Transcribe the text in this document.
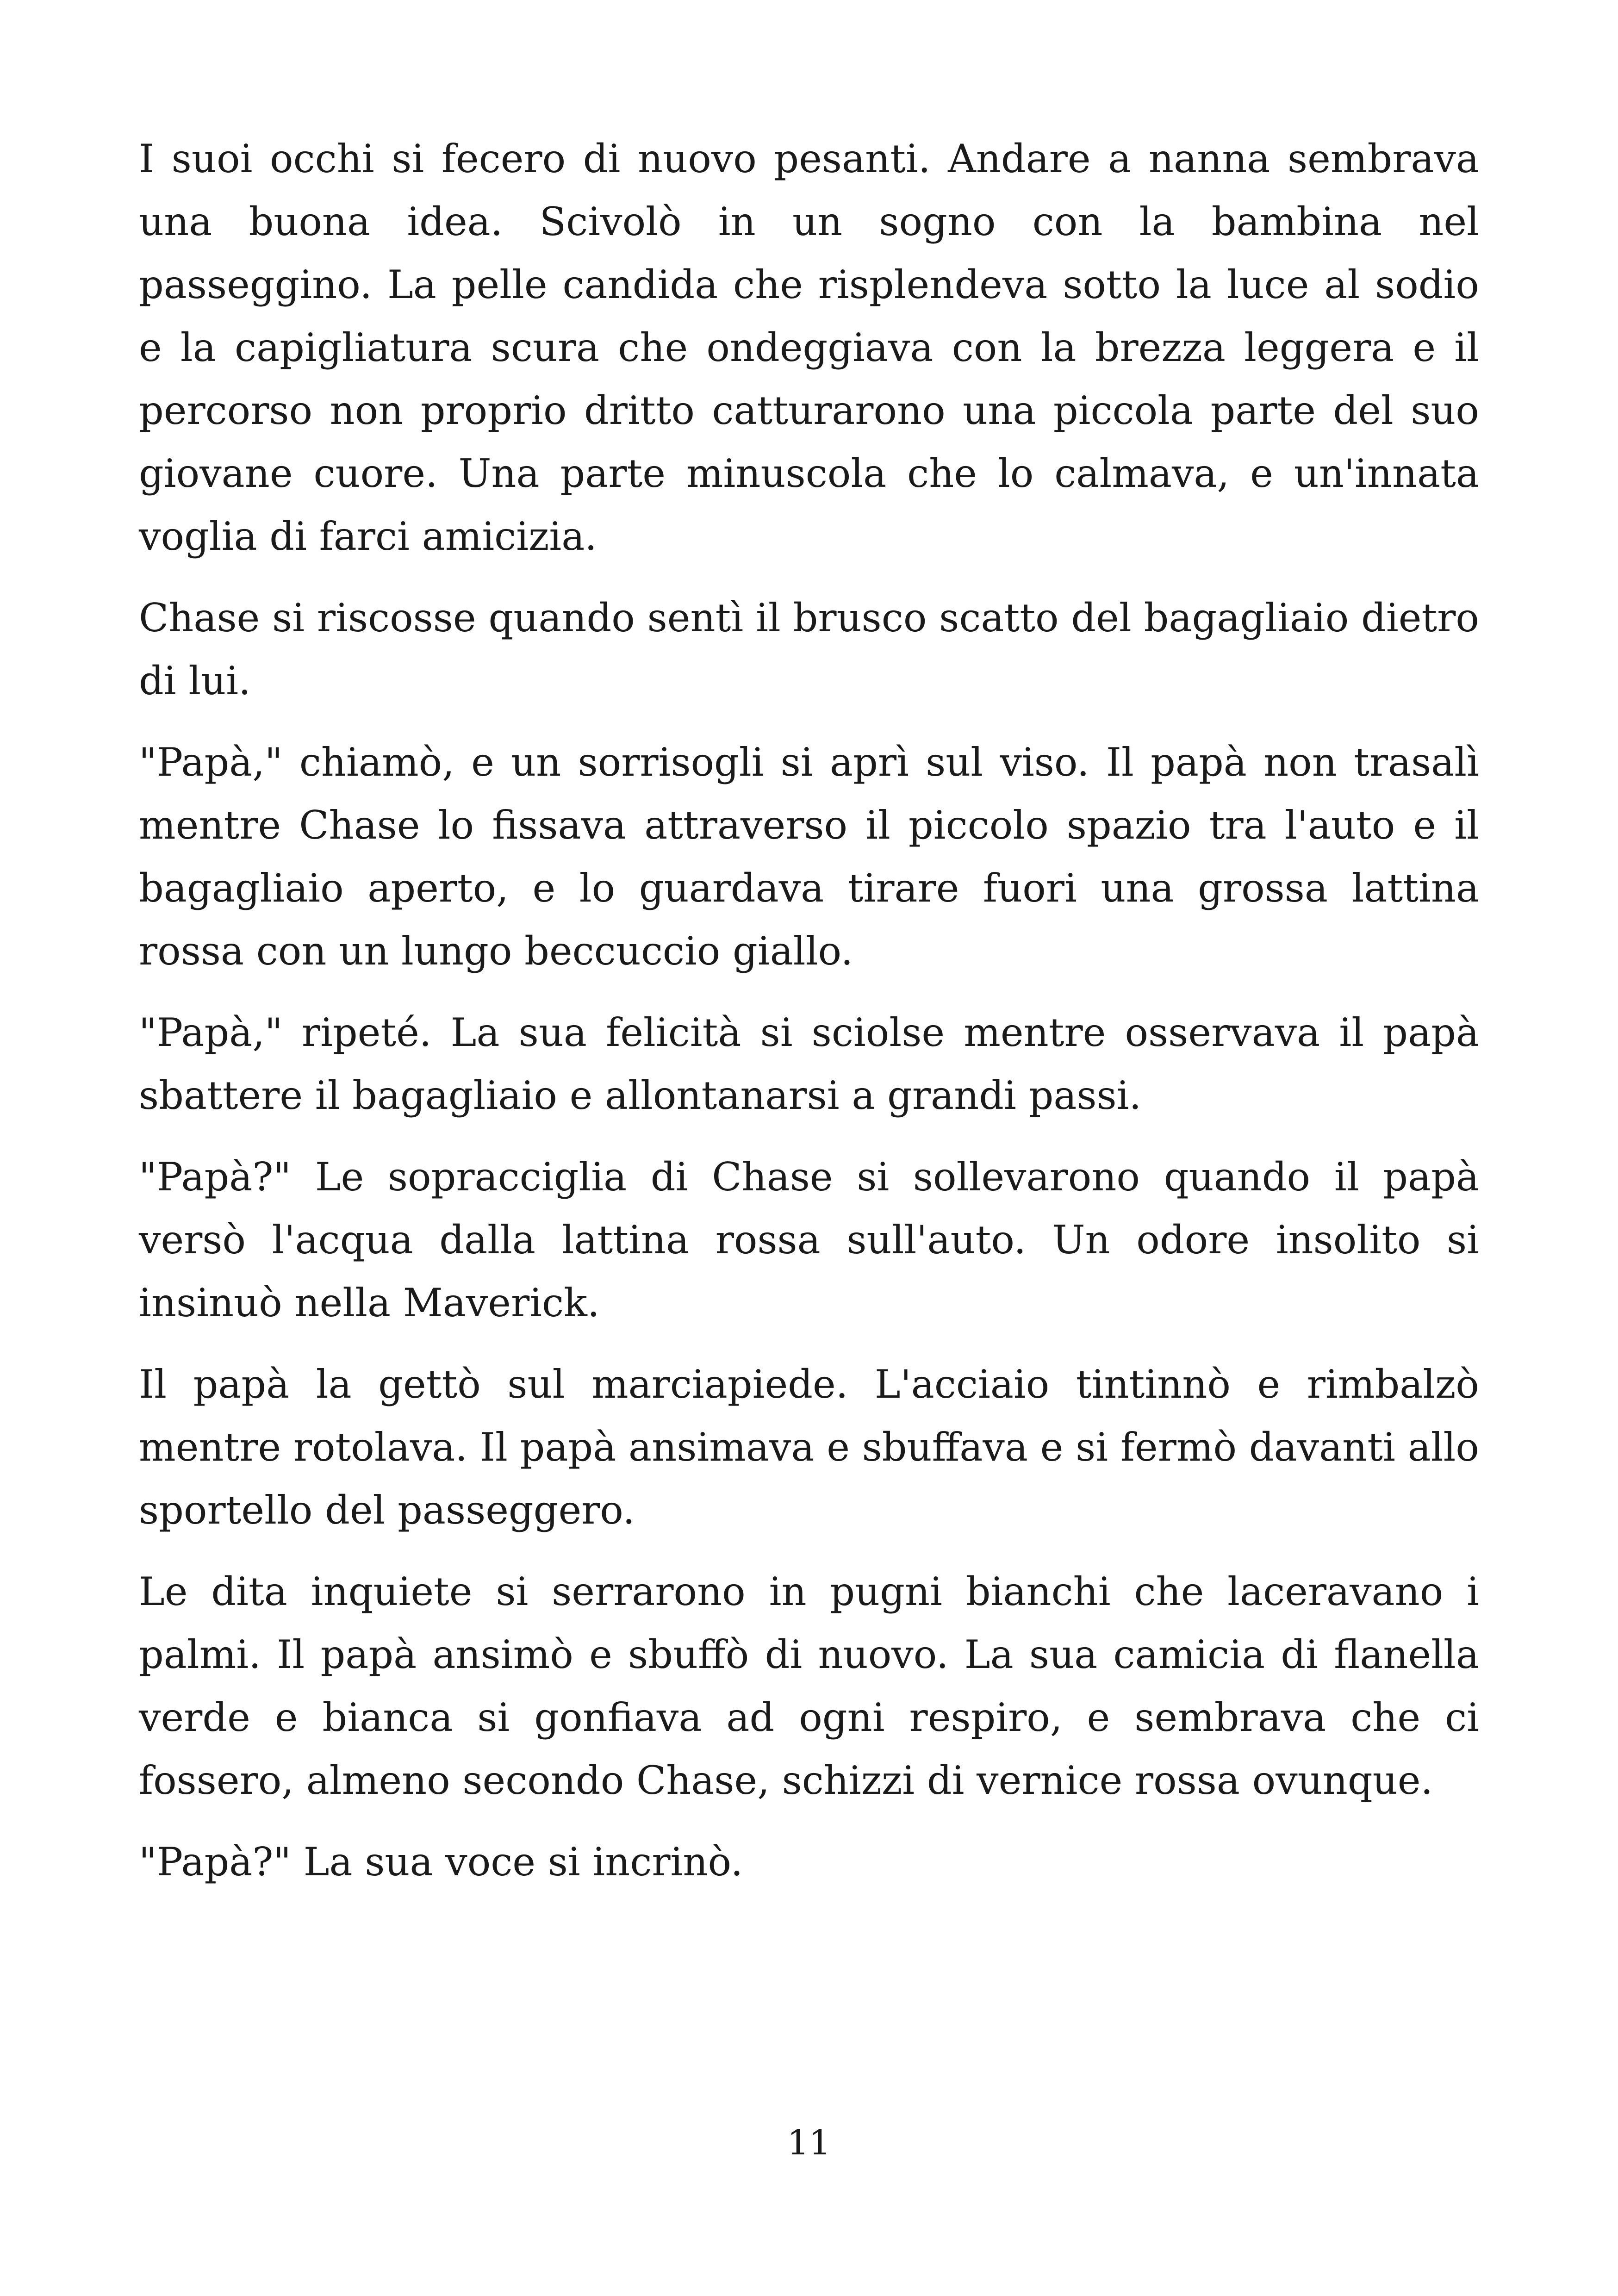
I suoi occhi si fecero di nuovo pesanti. Andare a nanna sembrava una buona idea. Scivolò in un sogno con la bambina nel passeggino. La pelle candida che risplendeva sotto la luce al sodio e la capigliatura scura che ondeggiava con la brezza leggera e il percorso non proprio dritto catturarono una piccola parte del suo giovane cuore. Una parte minuscola che lo calmava, e un'innata voglia di farci amicizia.

Chase si riscosse quando sentì il brusco scatto del bagagliaio dietro di lui.

"Papà," chiamò, e un sorrisogli si aprì sul viso. Il papà non trasalì mentre Chase lo fissava attraverso il piccolo spazio tra l'auto e il bagagliaio aperto, e lo guardava tirare fuori una grossa lattina rossa con un lungo beccuccio giallo.

"Papà," ripeté. La sua felicità si sciolse mentre osservava il papà sbattere il bagagliaio e allontanarsi a grandi passi.

"Papà?" Le sopracciglia di Chase si sollevarono quando il papà versò l'acqua dalla lattina rossa sull'auto. Un odore insolito si insinuò nella Maverick.

Il papà la gettò sul marciapiede. L'acciaio tintinnò e rimbalzò mentre rotolava. Il papà ansimava e sbuffava e si fermò davanti allo sportello del passeggero.

Le dita inquiete si serrarono in pugni bianchi che laceravano i palmi. Il papà ansimò e sbuffò di nuovo. La sua camicia di flanella verde e bianca si gonfiava ad ogni respiro, e sembrava che ci fossero, almeno secondo Chase, schizzi di vernice rossa ovunque.

"Papà?" La sua voce si incrinò.

11
